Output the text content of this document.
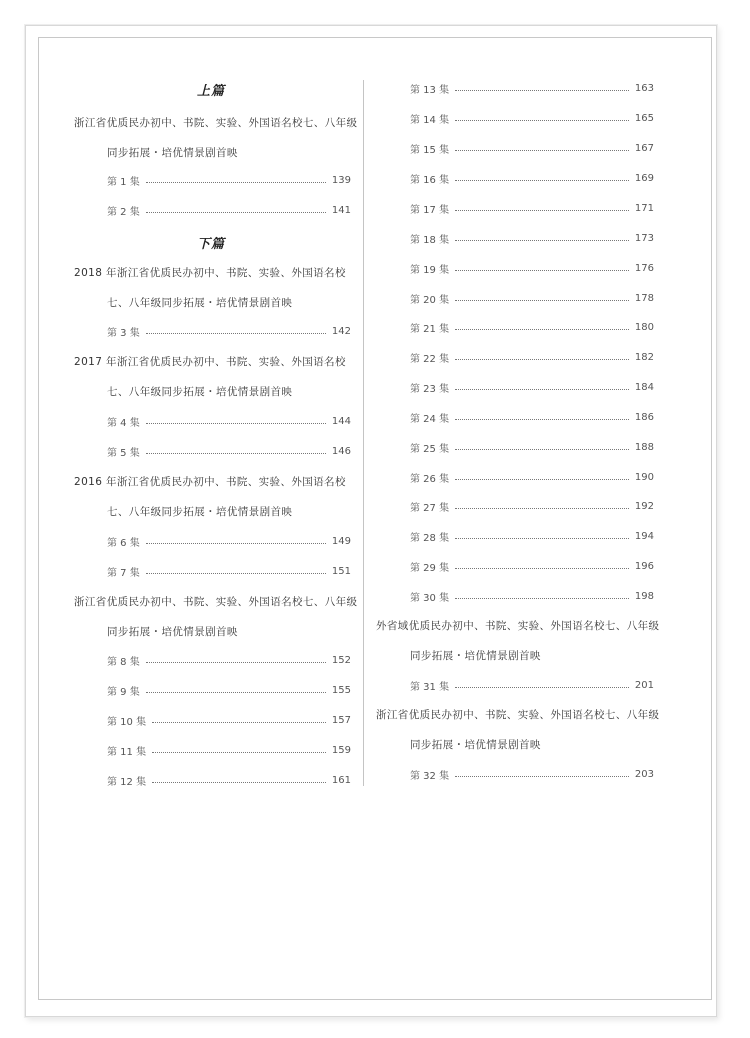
上篇
浙江省优质民办初中、书院、实验、外国语名校七、八年级
同步拓展・培优情景剧首映
第 1 集	139
第 2 集	141
下篇
2018 年浙江省优质民办初中、书院、实验、外国语名校
七、八年级同步拓展・培优情景剧首映
第 3 集	142
2017 年浙江省优质民办初中、书院、实验、外国语名校
七、八年级同步拓展・培优情景剧首映
第 4 集	144
第 5 集	146
2016 年浙江省优质民办初中、书院、实验、外国语名校
七、八年级同步拓展・培优情景剧首映
第 6 集	149
第 7 集	151
浙江省优质民办初中、书院、实验、外国语名校七、八年级
同步拓展・培优情景剧首映
第 8 集	152
第 9 集	155
第 10 集	157
第 11 集	159
第 12 集	161
第 13 集	163
第 14 集	165
第 15 集	167
第 16 集	169
第 17 集	171
第 18 集	173
第 19 集	176
第 20 集	178
第 21 集	180
第 22 集	182
第 23 集	184
第 24 集	186
第 25 集	188
第 26 集	190
第 27 集	192
第 28 集	194
第 29 集	196
第 30 集	198
外省域优质民办初中、书院、实验、外国语名校七、八年级
同步拓展・培优情景剧首映
第 31 集	201
浙江省优质民办初中、书院、实验、外国语名校七、八年级
同步拓展・培优情景剧首映
第 32 集	203
